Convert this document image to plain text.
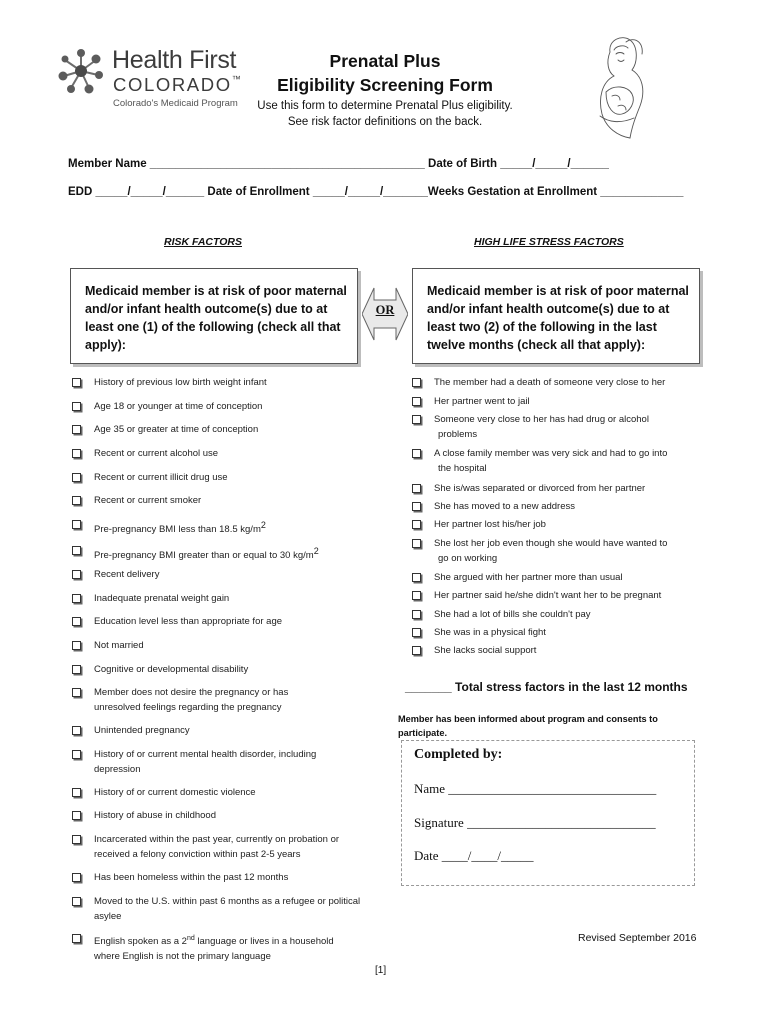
Health First
COLORADO™
Colorado's Medicaid Program
Prenatal Plus
Eligibility Screening Form
Use this form to determine Prenatal Plus eligibility.
See risk factor definitions on the back.
Member Name ___________________________________________ Date of Birth _____/_____/______
EDD _____/_____/______ Date of Enrollment _____/_____/_______Weeks Gestation at Enrollment _____________
RISK FACTORS	HIGH LIFE STRESS FACTORS
Medicaid member is at risk of poor maternal and/or infant health outcome(s) due to at least one (1) of the following (check all that apply):
OR
Medicaid member is at risk of poor maternal and/or infant health outcome(s) due to at least two (2) of the following in the last twelve months (check all that apply):
History of previous low birth weight infant
Age 18 or younger at time of conception
Age 35 or greater at time of conception
Recent or current alcohol use
Recent or current illicit drug use
Recent or current smoker
Pre-pregnancy BMI less than 18.5 $kg/m^2$
Pre-pregnancy BMI greater than or equal to 30 $kg/m^2$
Recent delivery
Inadequate prenatal weight gain
Education level less than appropriate for age
Not married
Cognitive or developmental disability
Member does not desire the pregnancy or has unresolved feelings regarding the pregnancy
Unintended pregnancy
History of or current mental health disorder, including depression
History of or current domestic violence
History of abuse in childhood
Incarcerated within the past year, currently on probation or received a felony conviction within past 2-5 years
Has been homeless within the past 12 months
Moved to the U.S. within past 6 months as a refugee or political asylee
English spoken as a 2nd language or lives in a household where English is not the primary language
The member had a death of someone very close to her
Her partner went to jail
Someone very close to her has had drug or alcohol
problems
A close family member was very sick and had to go into
the hospital
She is/was separated or divorced from her partner
She has moved to a new address
Her partner lost his/her job
She lost her job even though she would have wanted to
go on working
She argued with her partner more than usual
Her partner said he/she didn't want her to be pregnant
She had a lot of bills she couldn't pay
She was in a physical fight
She lacks social support
_______ Total stress factors in the last 12 months
Member has been informed about program and consents to participate.
Completed by:
Name ________________________________
Signature _____________________________
Date ____/____/_____
Revised September 2016
[1]
